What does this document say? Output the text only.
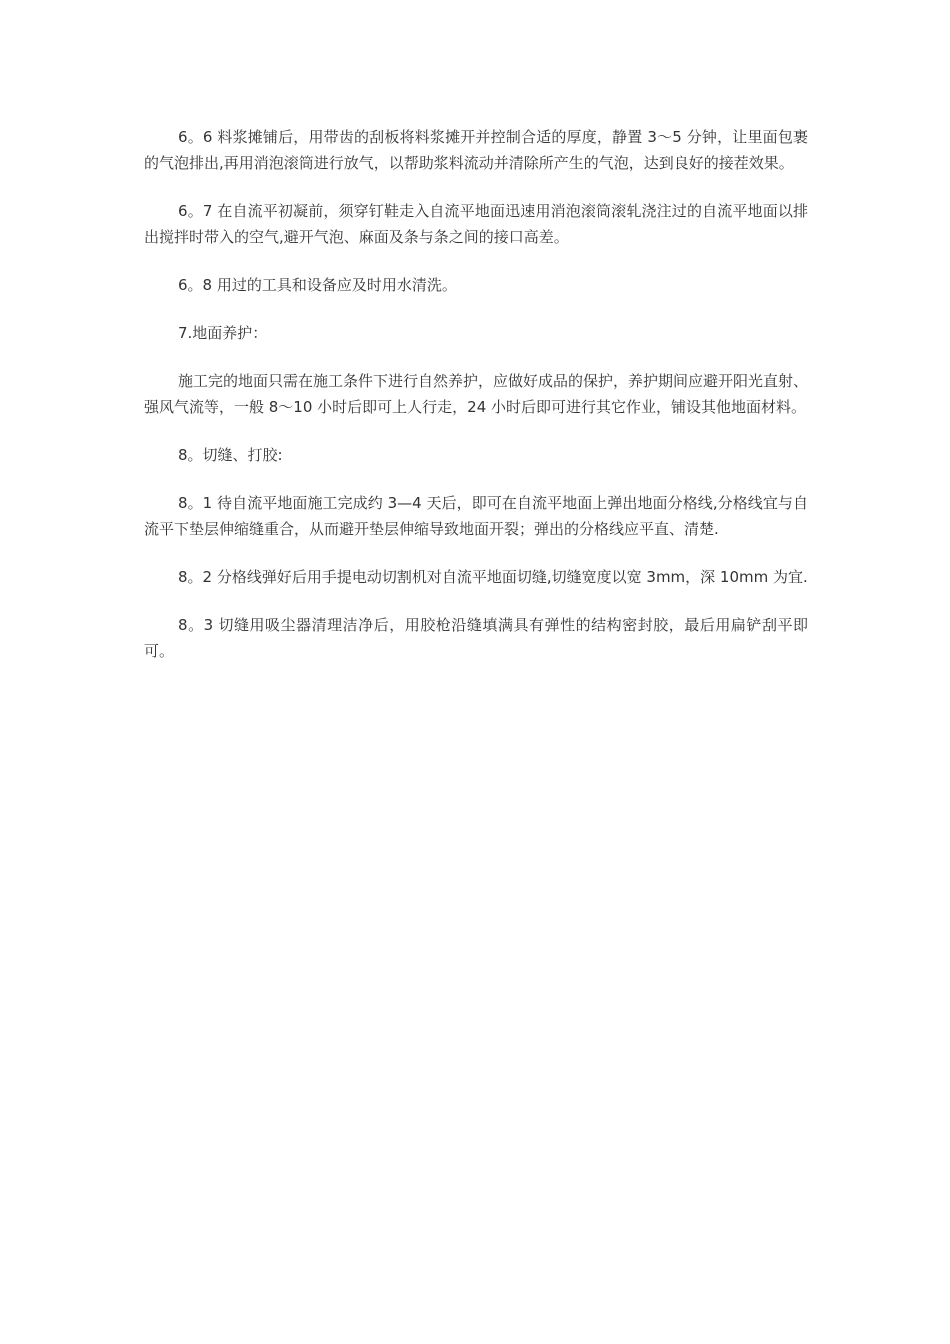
6。6 料浆摊铺后，用带齿的刮板将料浆摊开并控制合适的厚度，静置 3～5 分钟，让里面包裹的气泡排出,再用消泡滚筒进行放气，以帮助浆料流动并清除所产生的气泡，达到良好的接茬效果。

6。7 在自流平初凝前，须穿钉鞋走入自流平地面迅速用消泡滚筒滚轧浇注过的自流平地面以排出搅拌时带入的空气,避开气泡、麻面及条与条之间的接口高差。

6。8 用过的工具和设备应及时用水清洗。

7.地面养护：

施工完的地面只需在施工条件下进行自然养护，应做好成品的保护，养护期间应避开阳光直射、强风气流等，一般 8～10 小时后即可上人行走，24 小时后即可进行其它作业，铺设其他地面材料。

8。切缝、打胶:

8。1 待自流平地面施工完成约 3—4 天后，即可在自流平地面上弹出地面分格线,分格线宜与自流平下垫层伸缩缝重合，从而避开垫层伸缩导致地面开裂；弹出的分格线应平直、清楚.

8。2 分格线弹好后用手提电动切割机对自流平地面切缝,切缝宽度以宽 3mm，深 10mm 为宜.

8。3 切缝用吸尘器清理洁净后，用胶枪沿缝填满具有弹性的结构密封胶，最后用扁铲刮平即可。
